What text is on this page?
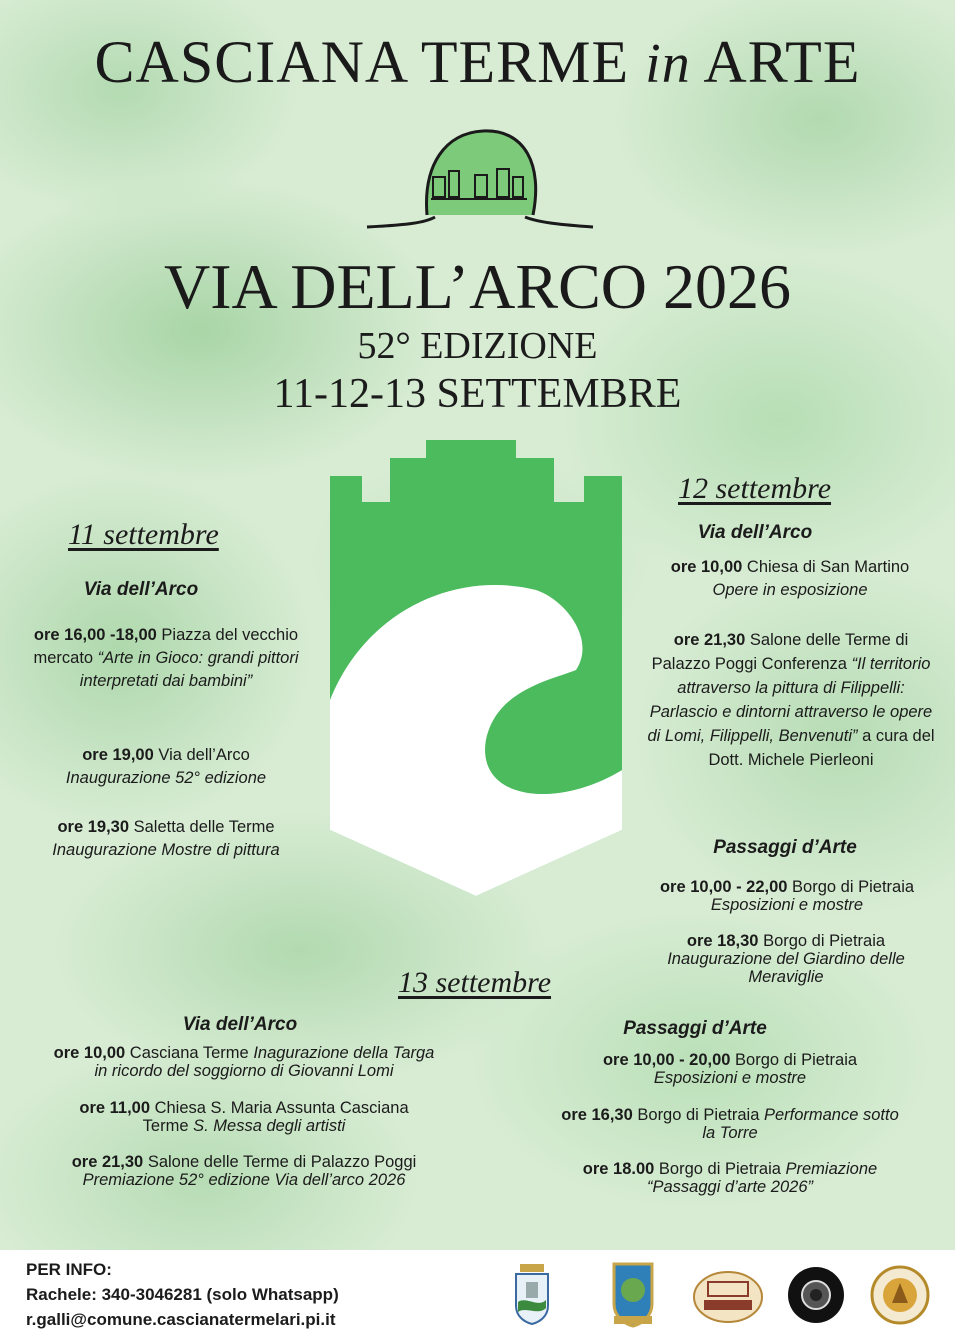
CASCIANA TERME in ARTE
VIA DELL’ARCO 2026
52° EDIZIONE
11-12-13 SETTEMBRE
11 settembre
Via dell’Arco
ore 16,00 -18,00 Piazza del vecchio mercato “Arte in Gioco: grandi pittori interpretati dai bambini”
ore 19,00 Via dell’Arco
Inaugurazione 52° edizione
ore 19,30 Saletta delle Terme
Inaugurazione Mostre di pittura
12 settembre
Via dell’Arco
ore 10,00 Chiesa di San Martino
Opere in esposizione
ore 21,30 Salone delle Terme di Palazzo Poggi Conferenza “Il territorio attraverso la pittura di Filippelli: Parlascio e dintorni attraverso le opere di Lomi, Filippelli, Benvenuti” a cura del Dott. Michele Pierleoni
Passaggi d’Arte
ore 10,00 - 22,00 Borgo di Pietraia Esposizioni e mostre
ore 18,30 Borgo di Pietraia
Inaugurazione del Giardino delle Meraviglie
13 settembre
Via dell’Arco
ore 10,00 Casciana Terme Inagurazione della Targa in ricordo del soggiorno di Giovanni Lomi
ore 11,00 Chiesa S. Maria Assunta Casciana Terme S. Messa degli artisti
ore 21,30 Salone delle Terme di Palazzo Poggi
Premiazione 52° edizione Via dell’arco 2026
Passaggi d’Arte
ore 10,00 - 20,00 Borgo di Pietraia
Esposizioni e mostre
ore 16,30 Borgo di Pietraia Performance sotto la Torre
ore 18.00 Borgo di Pietraia Premiazione “Passaggi d’arte 2026”
PER INFO:
Rachele: 340-3046281 (solo Whatsapp)
r.galli@comune.cascianatermelari.pi.it
